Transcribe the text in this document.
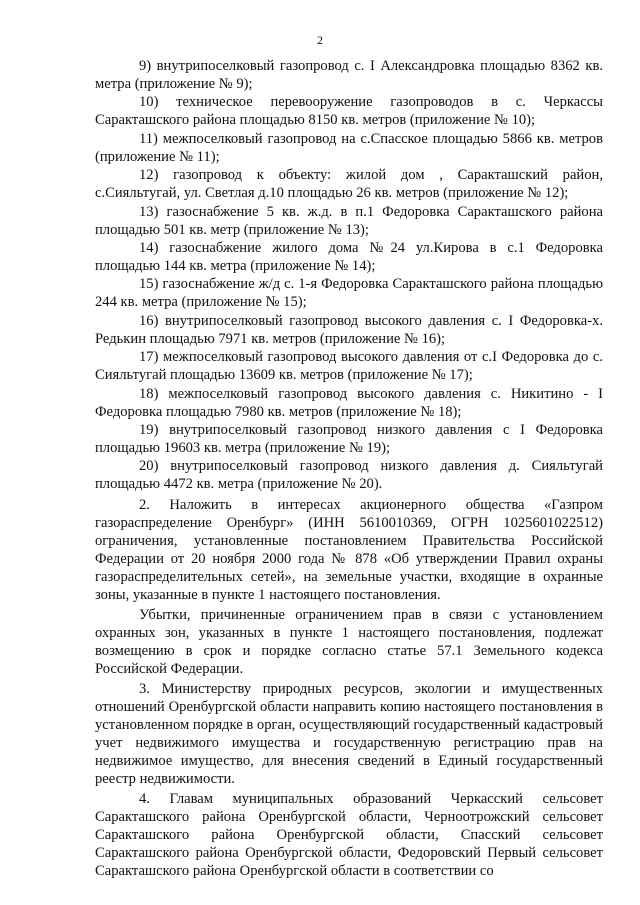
2

9) внутрипоселковый газопровод с. I Александровка площадью 8362 кв. метра (приложение № 9);

10) техническое перевооружение газопроводов в с. Черкассы Саракташского района площадью 8150 кв. метров (приложение № 10);

11) межпоселковый газопровод на с.Спасское площадью 5866 кв. метров (приложение № 11);

12) газопровод к объекту: жилой дом , Саракташский район, с.Сияльтугай, ул. Светлая д.10 площадью 26 кв. метров (приложение № 12);

13) газоснабжение 5 кв. ж.д. в п.1 Федоровка Саракташского района площадью 501 кв. метр (приложение № 13);

14) газоснабжение жилого дома №24 ул.Кирова в с.1 Федоровка площадью 144 кв. метра (приложение № 14);

15) газоснабжение ж/д с. 1-я Федоровка Саракташского района площадью 244 кв. метра (приложение № 15);

16) внутрипоселковый газопровод высокого давления с. I Федоровка-х. Редькин площадью 7971 кв. метров (приложение № 16);

17) межпоселковый газопровод высокого давления от с.I Федоровка до с. Сияльтугай площадью 13609 кв. метров (приложение № 17);

18) межпоселковый газопровод высокого давления с. Никитино - I Федоровка площадью 7980 кв. метров (приложение № 18);

19) внутрипоселковый газопровод низкого давления с I Федоровка площадью 19603 кв. метра (приложение № 19);

20) внутрипоселковый газопровод низкого давления д. Сияльтугай площадью 4472 кв. метра (приложение № 20).

2. Наложить в интересах акционерного общества «Газпром газораспределение Оренбург» (ИНН 5610010369, ОГРН 1025601022512) ограничения, установленные постановлением Правительства Российской Федерации от 20 ноября 2000 года № 878 «Об утверждении Правил охраны газораспределительных сетей», на земельные участки, входящие в охранные зоны, указанные в пункте 1 настоящего постановления.

Убытки, причиненные ограничением прав в связи с установлением охранных зон, указанных в пункте 1 настоящего постановления, подлежат возмещению в срок и порядке согласно статье 57.1 Земельного кодекса Российской Федерации.

3. Министерству природных ресурсов, экологии и имущественных отношений Оренбургской области направить копию настоящего постановления в установленном порядке в орган, осуществляющий государственный кадастровый учет недвижимого имущества и государственную регистрацию прав на недвижимое имущество, для внесения сведений в Единый государственный реестр недвижимости.

4. Главам муниципальных образований Черкасский сельсовет Саракташского района Оренбургской области, Черноотрожский сельсовет Саракташского района Оренбургской области, Спасский сельсовет Саракташского района Оренбургской области, Федоровский Первый сельсовет Саракташского района Оренбургской области в соответствии со
